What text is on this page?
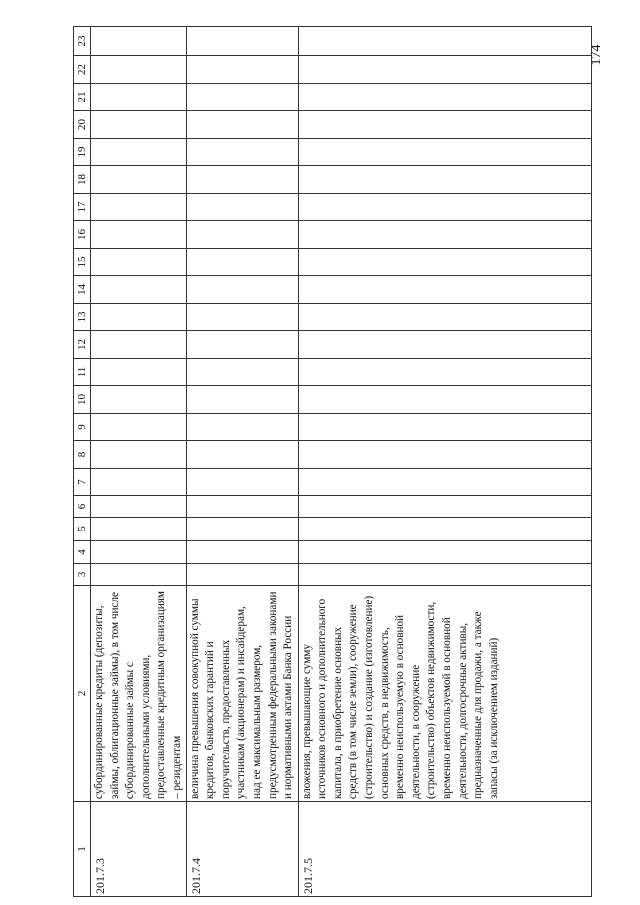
174
1	2	3	4	5	6	7	8	9	10	11	12	13	14	15	16	17	18	19	20	21	22	23
201.7.3	субординированные кредиты (депозиты, займы, облигационные займы), в том числе субординированные займы с дополнительными условиями, предоставленные кредитным организациям – резидентам																					
201.7.4	величина превышения совокупной суммы кредитов, банковских гарантий и поручительств, предоставленных участникам (акционерам) и инсайдерам, над ее максимальным размером, предусмотренным федеральными законами и нормативными актами Банка России																					
201.7.5	вложения, превышающие сумму источников основного и дополнительного капитала, в приобретение основных средств (в том числе земли), сооружение (строительство) и создание (изготовление) основных средств, в недвижимость, временно неиспользуемую в основной деятельности, в сооружение (строительство) объектов недвижимости, временно неиспользуемой в основной деятельности, долгосрочные активы, предназначенные для продажи, а также запасы (за исключением изданий)																					
